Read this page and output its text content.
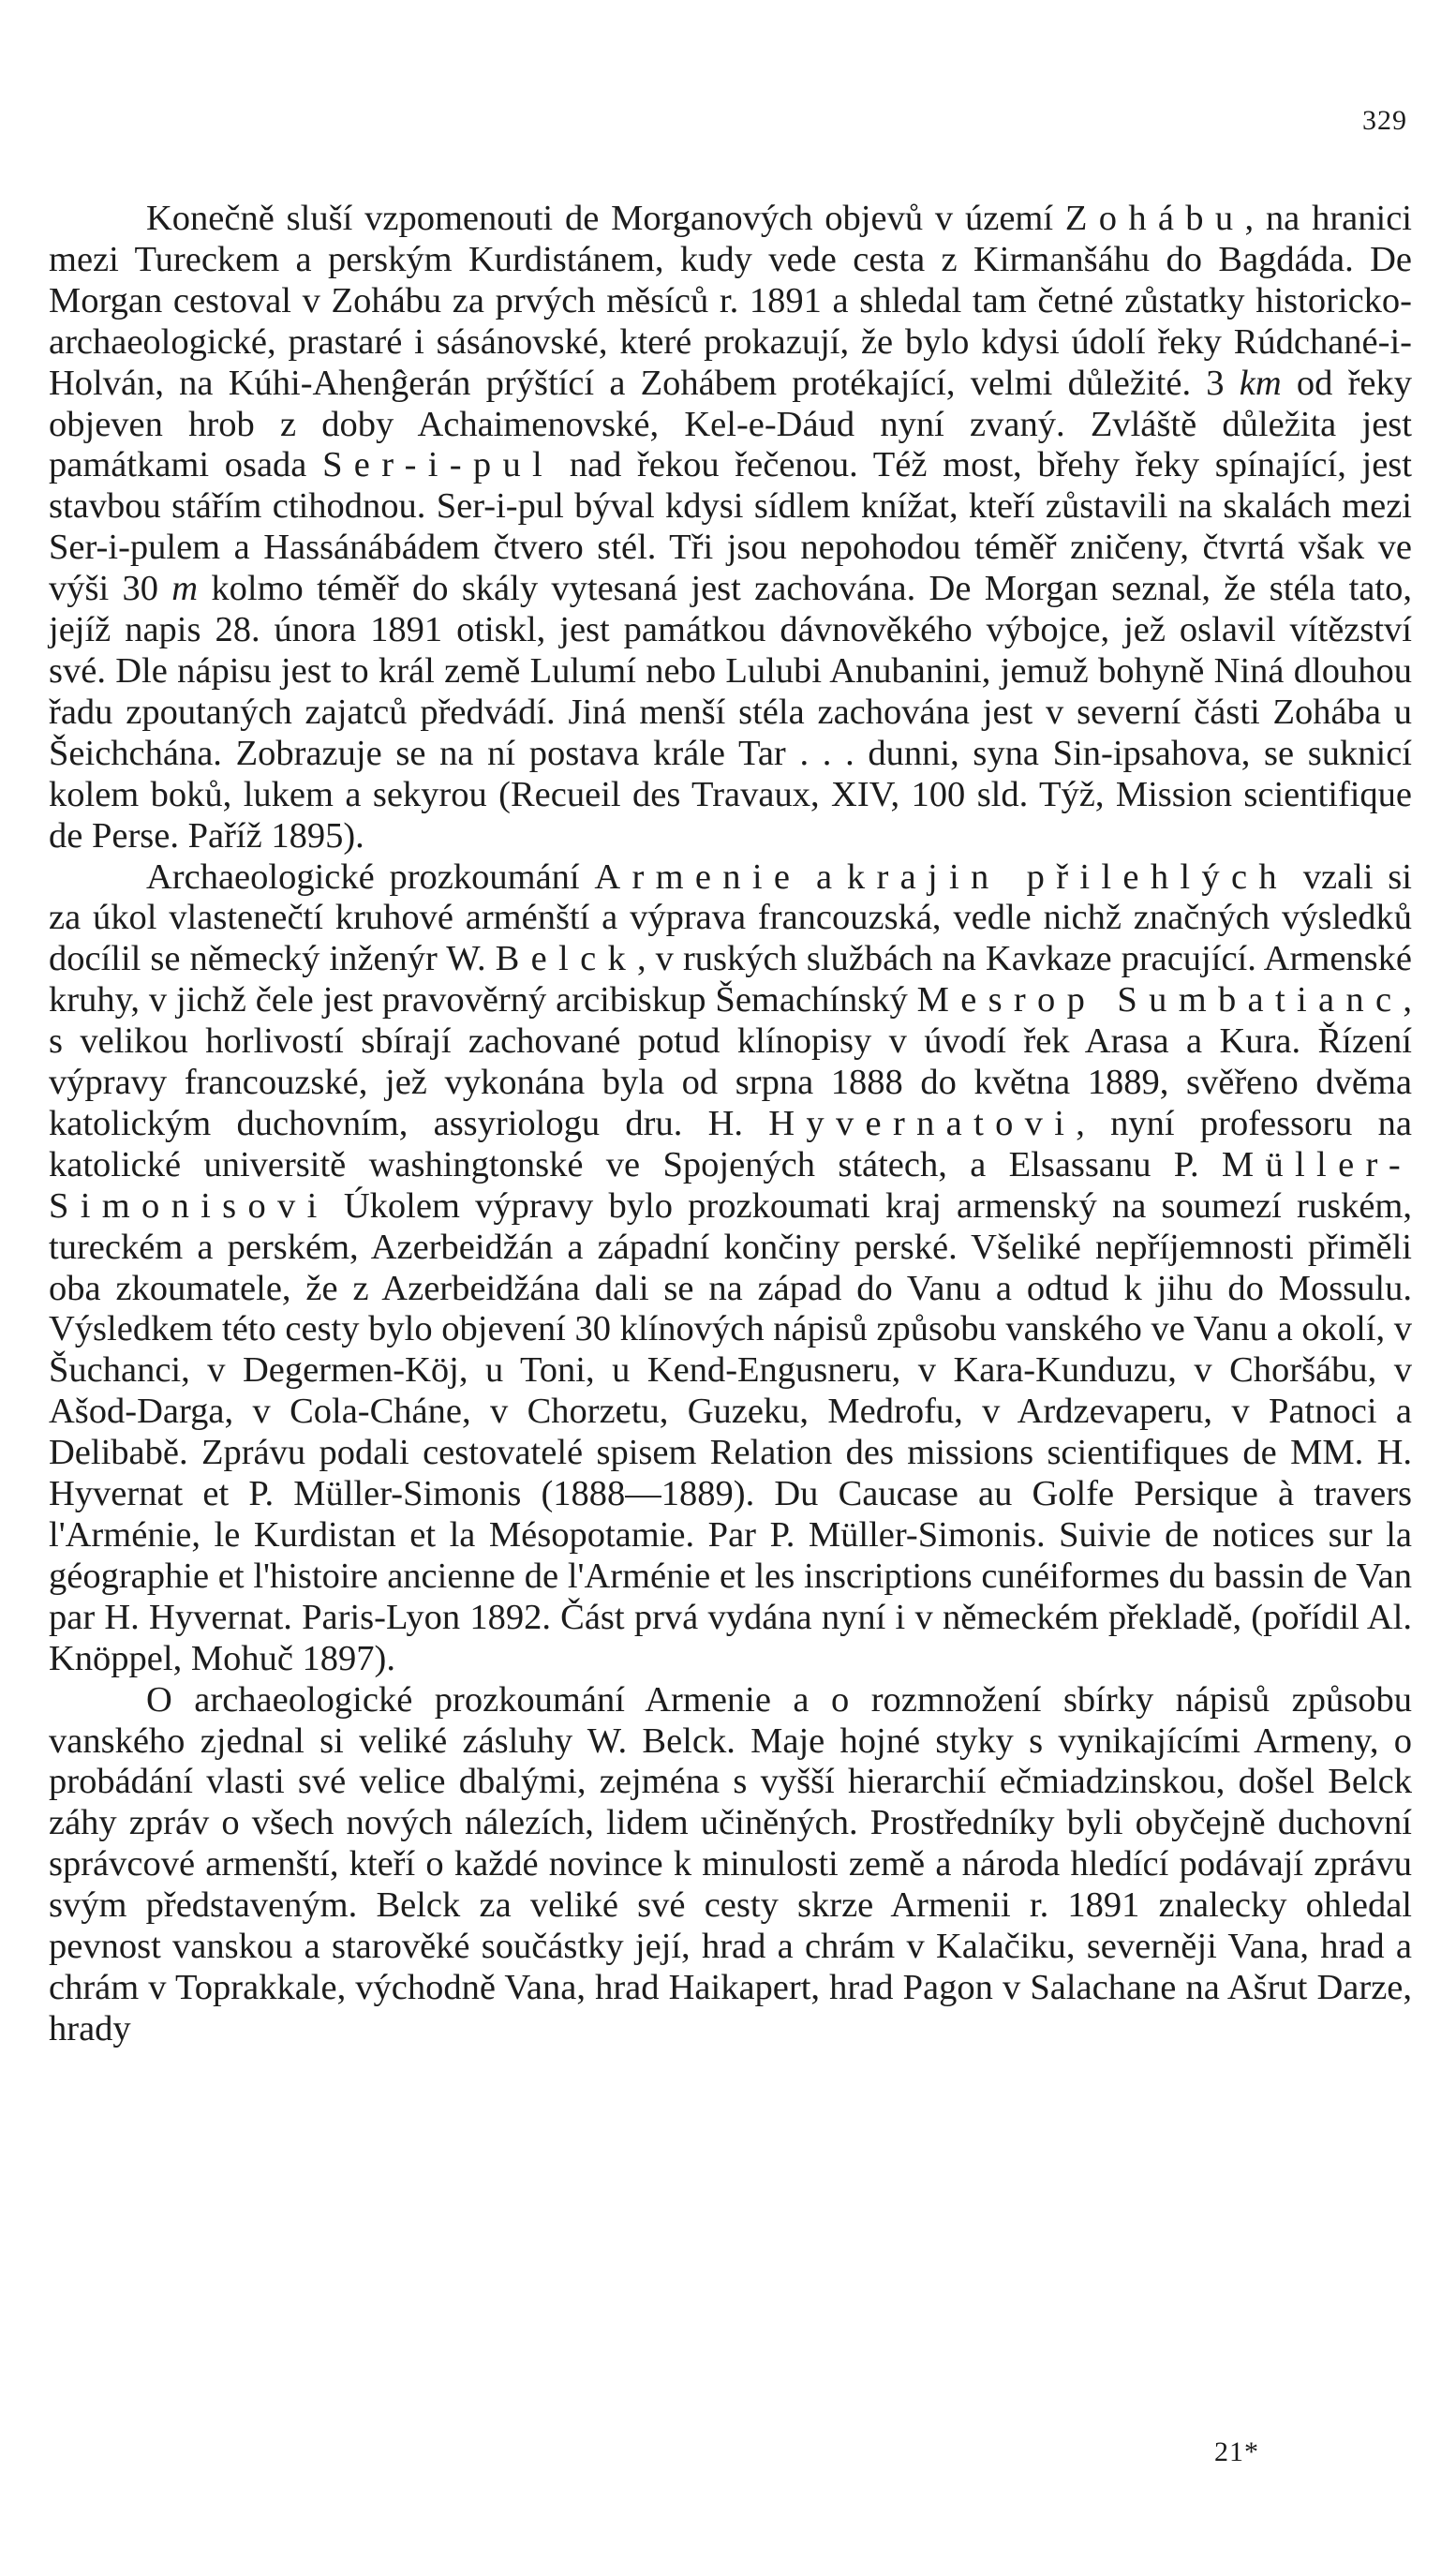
329

Konečně sluší vzpomenouti de Morganových objevů v území Zohábu, na hranici mezi Tureckem a perským Kurdistánem, kudy vede cesta z Kirmanšáhu do Bagdáda. De Morgan cestoval v Zohábu za prvých měsíců r. 1891 a shledal tam četné zůstatky historicko-archaeologické, prastaré i sásánovské, které prokazují, že bylo kdysi údolí řeky Rúdchané-i-Holván, na Kúhi-Ahenĝerán prýštící a Zohábem protékající, velmi důležité. 3 km od řeky objeven hrob z doby Achaimenovské, Kel-e-Dáud nyní zvaný. Zvláště důležita jest památkami osada Ser-i-pul nad řekou řečenou. Též most, břehy řeky spínající, jest stavbou stářím ctihodnou. Ser-i-pul býval kdysi sídlem knížat, kteří zůstavili na skalách mezi Ser-i-pulem a Hassánábádem čtvero stél. Tři jsou nepohodou téměř zničeny, čtvrtá však ve výši 30 m kolmo téměř do skály vytesaná jest zachována. De Morgan seznal, že stéla tato, jejíž napis 28. února 1891 otiskl, jest památkou dávnověkého výbojce, jež oslavil vítězství své. Dle nápisu jest to král země Lulumí nebo Lulubi Anubanini, jemuž bohyně Niná dlouhou řadu zpoutaných zajatců předvádí. Jiná menší stéla zachována jest v severní části Zohába u Šeichchána. Zobrazuje se na ní postava krále Tar . . . dunni, syna Sin-ipsahova, se suknicí kolem boků, lukem a sekyrou (Recueil des Travaux, XIV, 100 sld. Týž, Mission scientifique de Perse. Paříž 1895).

Archaeologické prozkoumání Armenie a krajin přilehlých vzali si za úkol vlastenečtí kruhové arménští a výprava francouzská, vedle nichž značných výsledků docílil se německý inženýr W. Belck, v ruských službách na Kavkaze pracující. Armenské kruhy, v jichž čele jest pravověrný arcibiskup Šemachínský Mesrop Sumbatianc, s velikou horlivostí sbírají zachované potud klínopisy v úvodí řek Arasa a Kura. Řízení výpravy francouzské, jež vykonána byla od srpna 1888 do května 1889, svěřeno dvěma katolickým duchovním, assyriologu dru. H. Hyvernatovi, nyní professoru na katolické universitě washingtonské ve Spojených státech, a Elsassanu P. Müller-Simonisovi Úkolem výpravy bylo prozkoumati kraj armenský na soumezí ruském, tureckém a perském, Azerbeidžán a západní končiny perské. Všeliké nepříjemnosti přiměli oba zkoumatele, že z Azerbeidžána dali se na západ do Vanu a odtud k jihu do Mossulu. Výsledkem této cesty bylo objevení 30 klínových nápisů způsobu vanského ve Vanu a okolí, v Šuchanci, v Degermen-Köj, u Toni, u Kend-Engusneru, v Kara-Kunduzu, v Choršábu, v Ašod-Darga, v Cola-Cháne, v Chorzetu, Guzeku, Medrofu, v Ardzevaperu, v Patnoci a Delibabě. Zprávu podali cestovatelé spisem Relation des missions scientifiques de MM. H. Hyvernat et P. Müller-Simonis (1888—1889). Du Caucase au Golfe Persique à travers l'Arménie, le Kurdistan et la Mésopotamie. Par P. Müller-Simonis. Suivie de notices sur la géographie et l'histoire ancienne de l'Arménie et les inscriptions cunéiformes du bassin de Van par H. Hyvernat. Paris-Lyon 1892. Část prvá vydána nyní i v německém překladě, (pořídil Al. Knöppel, Mohuč 1897).

O archaeologické prozkoumání Armenie a o rozmnožení sbírky nápisů způsobu vanského zjednal si veliké zásluhy W. Belck. Maje hojné styky s vynikajícími Armeny, o probádání vlasti své velice dbalými, zejména s vyšší hierarchií ečmiadzinskou, došel Belck záhy zpráv o všech nových nálezích, lidem učiněných. Prostředníky byli obyčejně duchovní správcové armenští, kteří o každé novince k minulosti země a národa hledící podávají zprávu svým představeným. Belck za veliké své cesty skrze Armenii r. 1891 znalecky ohledal pevnost vanskou a starověké součástky její, hrad a chrám v Kalačiku, severněji Vana, hrad a chrám v Toprakkale, východně Vana, hrad Haikapert, hrad Pagon v Salachane na Ašrut Darze, hrady

21*
